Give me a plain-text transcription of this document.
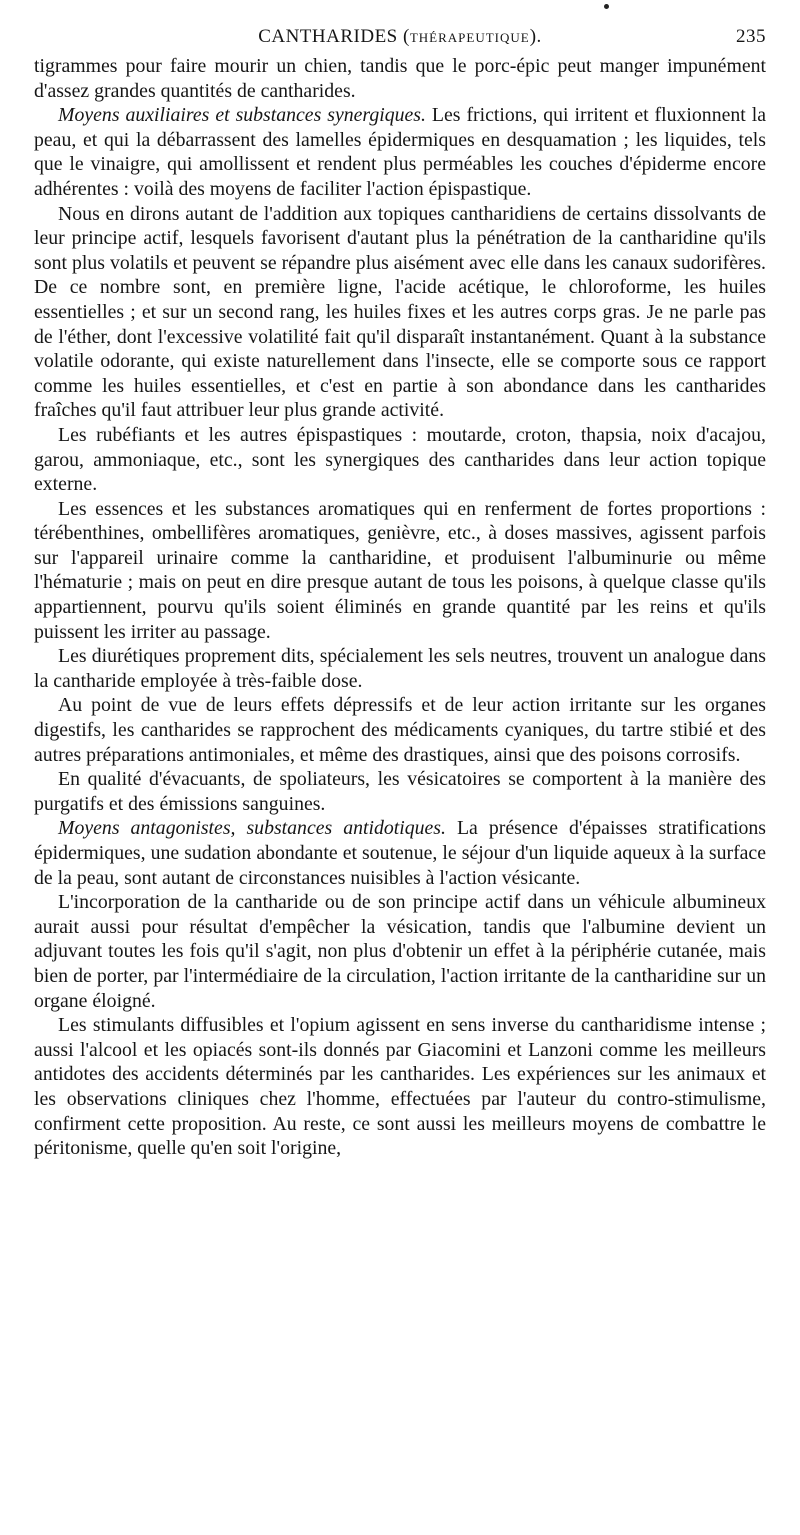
CANTHARIDES (THÉRAPEUTIQUE).	235

tigrammes pour faire mourir un chien, tandis que le porc-épic peut manger impunément d'assez grandes quantités de cantharides.

Moyens auxiliaires et substances synergiques. Les frictions, qui irritent et fluxionnent la peau, et qui la débarrassent des lamelles épidermiques en desquamation ; les liquides, tels que le vinaigre, qui amollissent et rendent plus perméables les couches d'épiderme encore adhérentes : voilà des moyens de faciliter l'action épispastique.

Nous en dirons autant de l'addition aux topiques cantharidiens de certains dissolvants de leur principe actif, lesquels favorisent d'autant plus la pénétration de la cantharidine qu'ils sont plus volatils et peuvent se répandre plus aisément avec elle dans les canaux sudorifères. De ce nombre sont, en première ligne, l'acide acétique, le chloroforme, les huiles essentielles ; et sur un second rang, les huiles fixes et les autres corps gras. Je ne parle pas de l'éther, dont l'excessive volatilité fait qu'il disparaît instantanément. Quant à la substance volatile odorante, qui existe naturellement dans l'insecte, elle se comporte sous ce rapport comme les huiles essentielles, et c'est en partie à son abondance dans les cantharides fraîches qu'il faut attribuer leur plus grande activité.

Les rubéfiants et les autres épispastiques : moutarde, croton, thapsia, noix d'acajou, garou, ammoniaque, etc., sont les synergiques des cantharides dans leur action topique externe.

Les essences et les substances aromatiques qui en renferment de fortes proportions : térébenthines, ombellifères aromatiques, genièvre, etc., à doses massives, agissent parfois sur l'appareil urinaire comme la cantharidine, et produisent l'albuminurie ou même l'hématurie ; mais on peut en dire presque autant de tous les poisons, à quelque classe qu'ils appartiennent, pourvu qu'ils soient éliminés en grande quantité par les reins et qu'ils puissent les irriter au passage.

Les diurétiques proprement dits, spécialement les sels neutres, trouvent un analogue dans la cantharide employée à très-faible dose.

Au point de vue de leurs effets dépressifs et de leur action irritante sur les organes digestifs, les cantharides se rapprochent des médicaments cyaniques, du tartre stibié et des autres préparations antimoniales, et même des drastiques, ainsi que des poisons corrosifs.

En qualité d'évacuants, de spoliateurs, les vésicatoires se comportent à la manière des purgatifs et des émissions sanguines.

Moyens antagonistes, substances antidotiques. La présence d'épaisses stratifications épidermiques, une sudation abondante et soutenue, le séjour d'un liquide aqueux à la surface de la peau, sont autant de circonstances nuisibles à l'action vésicante.

L'incorporation de la cantharide ou de son principe actif dans un véhicule albumineux aurait aussi pour résultat d'empêcher la vésication, tandis que l'albumine devient un adjuvant toutes les fois qu'il s'agit, non plus d'obtenir un effet à la périphérie cutanée, mais bien de porter, par l'intermédiaire de la circulation, l'action irritante de la cantharidine sur un organe éloigné.

Les stimulants diffusibles et l'opium agissent en sens inverse du cantharidisme intense ; aussi l'alcool et les opiacés sont-ils donnés par Giacomini et Lanzoni comme les meilleurs antidotes des accidents déterminés par les cantharides. Les expériences sur les animaux et les observations cliniques chez l'homme, effectuées par l'auteur du contro-stimulisme, confirment cette proposition. Au reste, ce sont aussi les meilleurs moyens de combattre le péritonisme, quelle qu'en soit l'origine,
